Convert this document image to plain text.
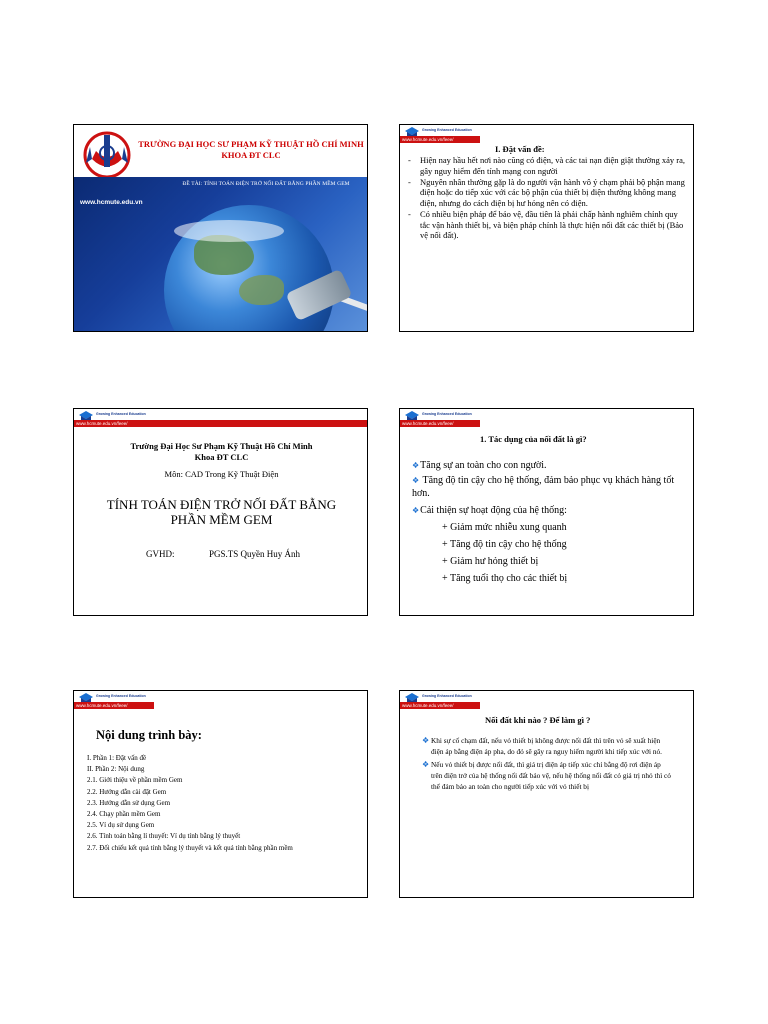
TRƯỜNG ĐẠI HỌC SƯ PHẠM KỸ THUẬT HỒ CHÍ MINH
KHOA ĐT CLC
ĐỀ TÀI: TÍNH TOÁN ĐIỆN TRỞ NỐI ĐẤT BẰNG PHẦN MỀM GEM
www.hcmute.edu.vn
Growing Enhanced Education
www.hcmute.edu.vn/feee/
I. Đặt vấn đề:
- Hiện nay hầu hết nơi nào cũng có điện, và các tai nạn điện giật thường xảy ra, gây nguy hiểm đến tính mạng con người
- Nguyên nhân thường gặp là do người vận hành vô ý chạm phải bộ phận mang điện hoặc do tiếp xúc với các bộ phận của thiết bị điện thường không mang điện, nhưng do cách điện bị hư hỏng nên có điện.
- Có nhiều biện pháp để bảo vệ, đầu tiên là phải chấp hành nghiêm chỉnh quy tắc vận hành thiết bị, và biện pháp chính là thực hiện nối đất các thiết bị (Bảo vệ nối đất).
Growing Enhanced Education
www.hcmute.edu.vn/feee/
Trường Đại Học Sư Phạm Kỹ Thuật Hồ Chí Minh
Khoa ĐT CLC
Môn: CAD Trong Kỹ Thuật Điện
TÍNH TOÁN ĐIỆN TRỞ NỐI ĐẤT BẰNG
PHẦN MỀM GEM
GVHD:	PGS.TS Quyền Huy Ánh
Growing Enhanced Education
www.hcmute.edu.vn/feee/
1. Tác dụng của nối đất là gì?
❖Tăng sự an toàn cho con người.
❖ Tăng độ tin cậy cho hệ thống, đảm bảo phục vụ khách hàng tốt hơn.
❖Cải thiện sự hoạt động của hệ thống:
+ Giảm mức nhiễu xung quanh
+ Tăng độ tin cậy cho hệ thống
+ Giảm hư hỏng thiết bị
+ Tăng tuổi thọ cho các thiết bị
Growing Enhanced Education
www.hcmute.edu.vn/feee/
Nội dung trình bày:
I. Phần 1: Đặt vấn đề
II. Phần 2: Nội dung
2.1. Giới thiệu về phần mềm Gem
2.2. Hướng dẫn cài đặt Gem
2.3. Hướng dẫn sử dụng Gem
2.4. Chạy phần mềm Gem
2.5. Ví dụ sử dụng Gem
2.6. Tính toán bằng lí thuyết: Ví dụ tính bằng lý thuyết
2.7. Đối chiếu kết quả tính bằng lý thuyết và kết quả tính bằng phần mềm
Growing Enhanced Education
www.hcmute.edu.vn/feee/
Nối đất khi nào ? Để làm gì ?
❖ Khi sự cố chạm đất, nếu vỏ thiết bị không được nối đất thì trên vỏ sẽ xuất hiện điện áp bằng điện áp pha, do đó sẽ gây ra nguy hiểm người khi tiếp xúc với nó.
❖ Nếu vỏ thiết bị được nối đất, thì giá trị điện áp tiếp xúc chỉ bằng độ rơi điện áp trên điện trở của hệ thống nối đất bảo vệ, nếu hệ thống nối đất có giá trị nhỏ thì có thể đảm bảo an toàn cho người tiếp xúc với vỏ thiết bị
